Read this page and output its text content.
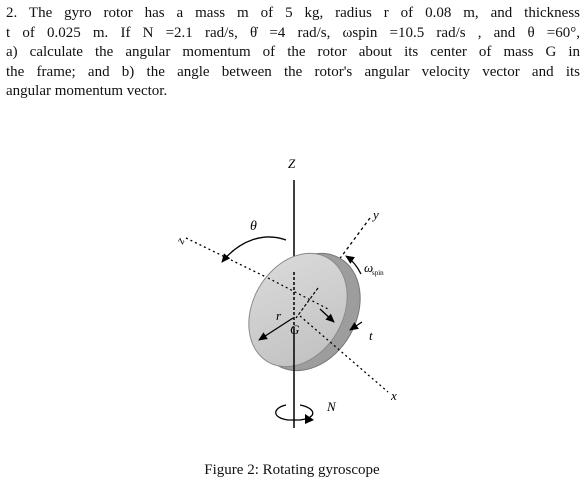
2. The gyro rotor has a mass m of 5 kg, radius r of 0.08 m, and thickness
t of 0.025 m. If N =2.1 rad/s, θ̇ =4 rad/s, ωspin =10.5 rad/s , and θ =60°,
a) calculate the angular momentum of the rotor about its center of mass G in
the frame; and b) the angle between the rotor's angular velocity vector and its
angular momentum vector.
Z
θ
y
z
ω
spin
r
G	t
x
N
Figure 2: Rotating gyroscope
